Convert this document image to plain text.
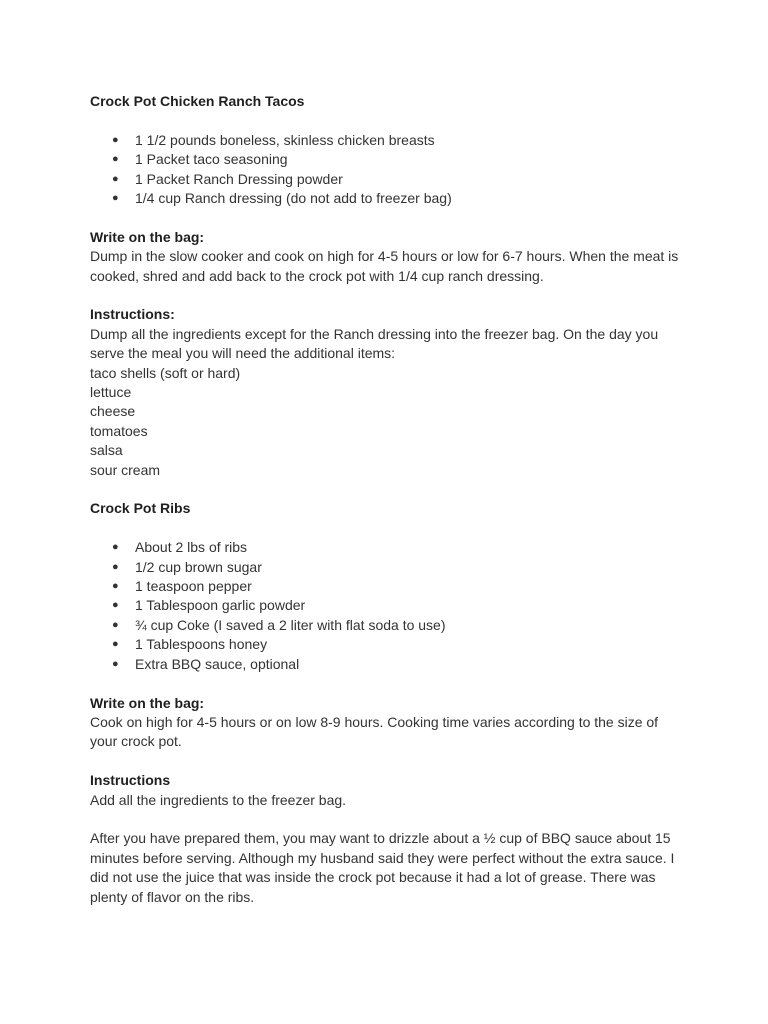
Crock Pot Chicken Ranch Tacos

● 1 1/2 pounds boneless, skinless chicken breasts
● 1 Packet taco seasoning
● 1 Packet Ranch Dressing powder
● 1/4 cup Ranch dressing (do not add to freezer bag)

Write on the bag:
Dump in the slow cooker and cook on high for 4-5 hours or low for 6-7 hours. When the meat is cooked, shred and add back to the crock pot with 1/4 cup ranch dressing.

Instructions:
Dump all the ingredients except for the Ranch dressing into the freezer bag. On the day you serve the meal you will need the additional items:
taco shells (soft or hard)
lettuce
cheese
tomatoes
salsa
sour cream

Crock Pot Ribs

● About 2 lbs of ribs
● 1/2 cup brown sugar
● 1 teaspoon pepper
● 1 Tablespoon garlic powder
● ¾ cup Coke (I saved a 2 liter with flat soda to use)
● 1 Tablespoons honey
● Extra BBQ sauce, optional

Write on the bag:
Cook on high for 4-5 hours or on low 8-9 hours. Cooking time varies according to the size of your crock pot.

Instructions
Add all the ingredients to the freezer bag.

After you have prepared them, you may want to drizzle about a ½ cup of BBQ sauce about 15 minutes before serving. Although my husband said they were perfect without the extra sauce. I did not use the juice that was inside the crock pot because it had a lot of grease. There was plenty of flavor on the ribs.
